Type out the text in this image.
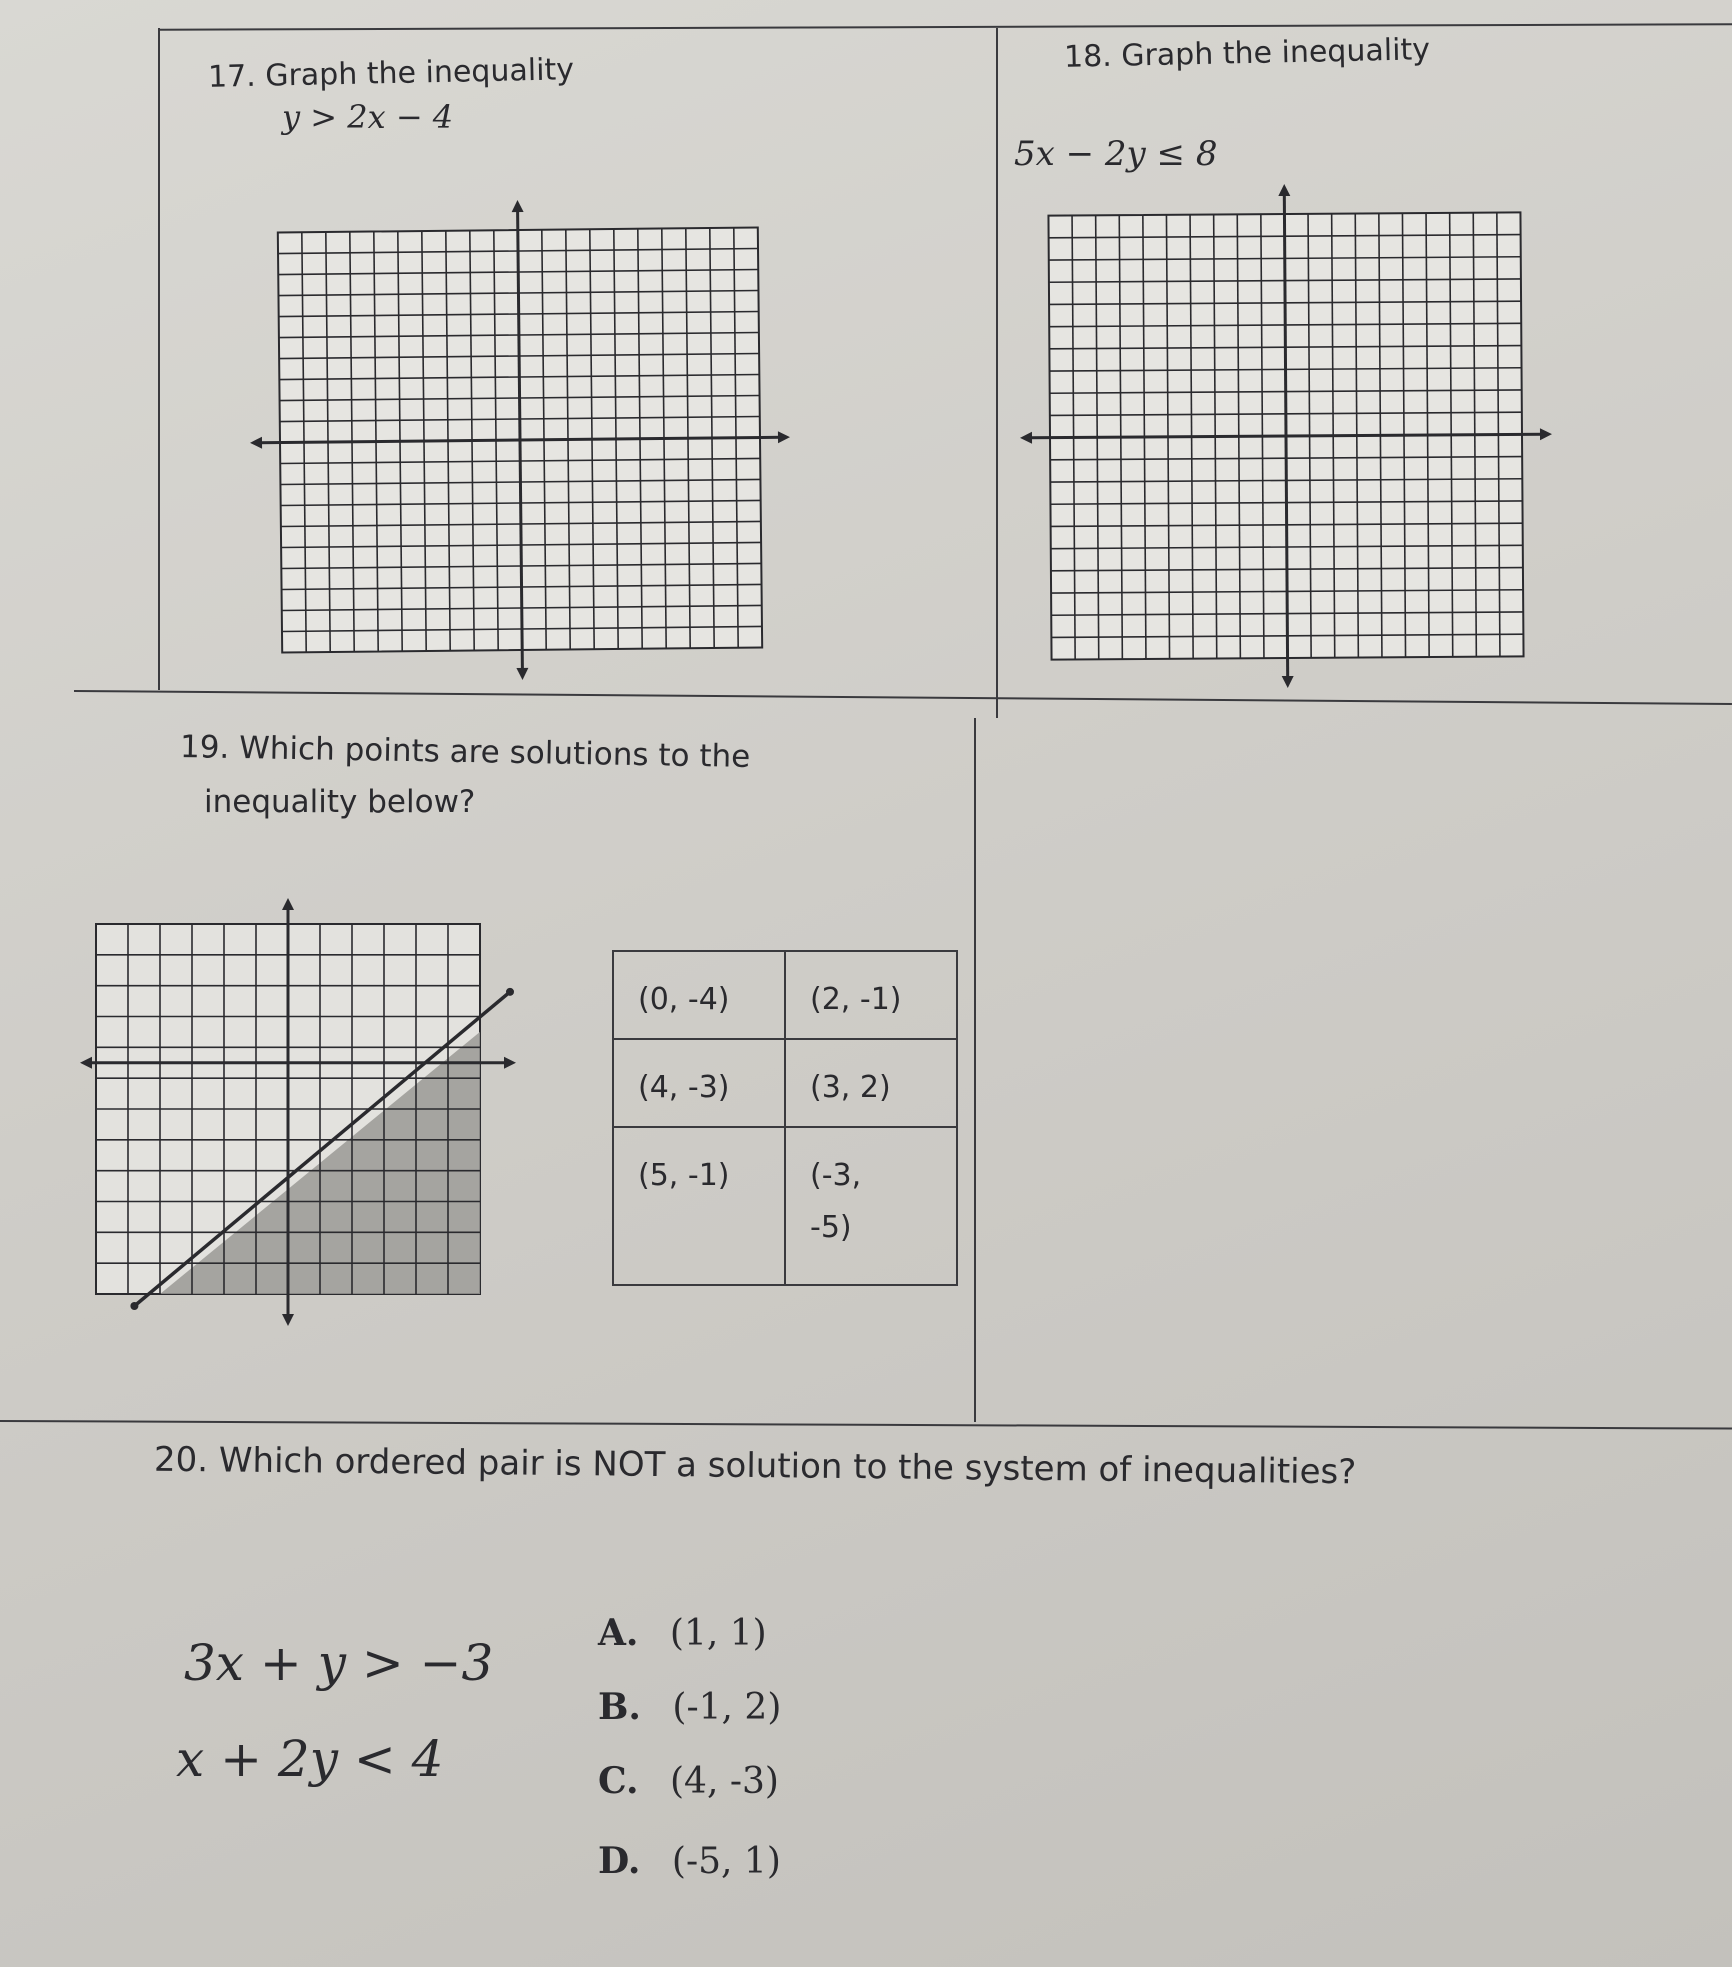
17. Graph the inequality
y > 2x − 4
18. Graph the inequality
5x − 2y ≤ 8
19. Which points are solutions to the
inequality below?
(0, -4)	(2, -1)
(4, -3)	(3, 2)
(5, -1)	(-3, -5)
20. Which ordered pair is NOT a solution to the system of inequalities?
3x + y > −3
x + 2y < 4
A. (1, 1)
B. (-1, 2)
C. (4, -3)
D. (-5, 1)
